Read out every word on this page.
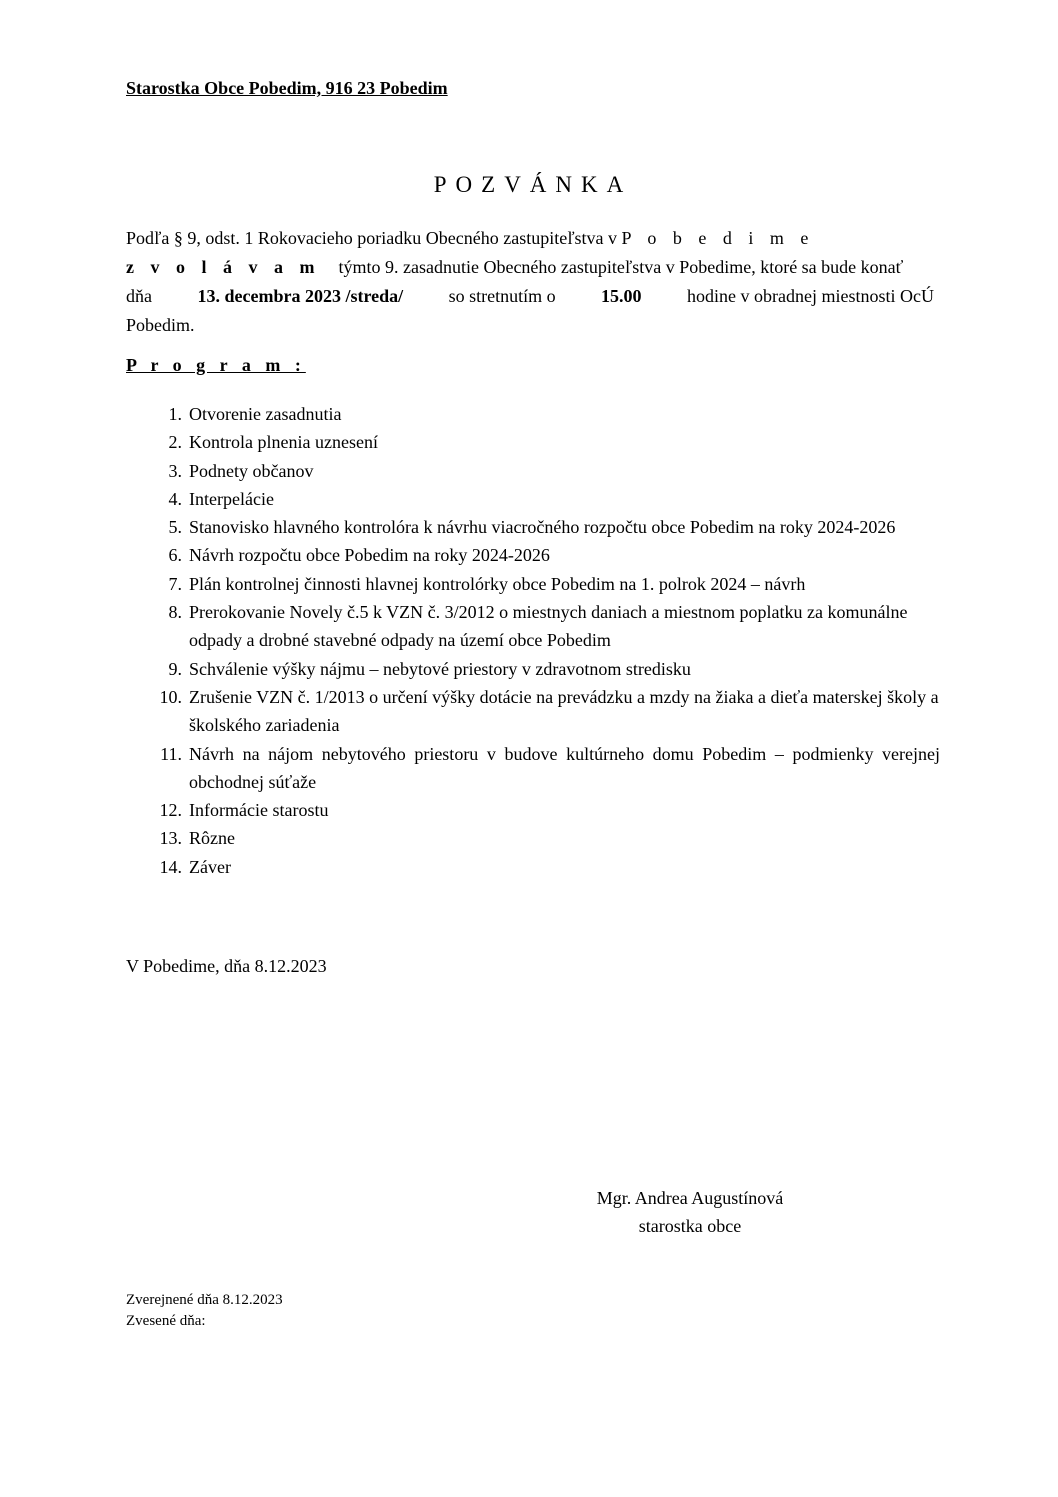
Starostka Obce Pobedim, 916 23 Pobedim
POZVÁNKA
Podľa § 9, odst. 1 Rokovacieho poriadku Obecného zastupiteľstva v P o b e d i m e
z v o l á v a m týmto 9. zasadnutie Obecného zastupiteľstva v Pobedime, ktoré sa bude konať
dňa	13. decembra 2023 /streda/	so stretnutím o	15.00	hodine v obradnej miestnosti OcÚ
Pobedim.
P r o g r a m :
1. Otvorenie zasadnutia
2. Kontrola plnenia uznesení
3. Podnety občanov
4. Interpelácie
5. Stanovisko hlavného kontrolóra k návrhu viacročného rozpočtu obce Pobedim na roky 2024-2026
6. Návrh rozpočtu obce Pobedim na roky 2024-2026
7. Plán kontrolnej činnosti hlavnej kontrolórky obce Pobedim na 1. polrok 2024 – návrh
8. Prerokovanie Novely č.5 k VZN č. 3/2012 o miestnych daniach a miestnom poplatku za komunálne odpady a drobné stavebné odpady na území obce Pobedim
9. Schválenie výšky nájmu – nebytové priestory v zdravotnom stredisku
10. Zrušenie VZN č. 1/2013 o určení výšky dotácie na prevádzku a mzdy na žiaka a dieťa materskej školy a školského zariadenia
11. Návrh na nájom nebytového priestoru v budove kultúrneho domu Pobedim – podmienky verejnej obchodnej súťaže
12. Informácie starostu
13. Rôzne
14. Záver
V Pobedime, dňa 8.12.2023
Mgr. Andrea Augustínová
starostka obce
Zverejnené dňa 8.12.2023
Zvesené dňa:
